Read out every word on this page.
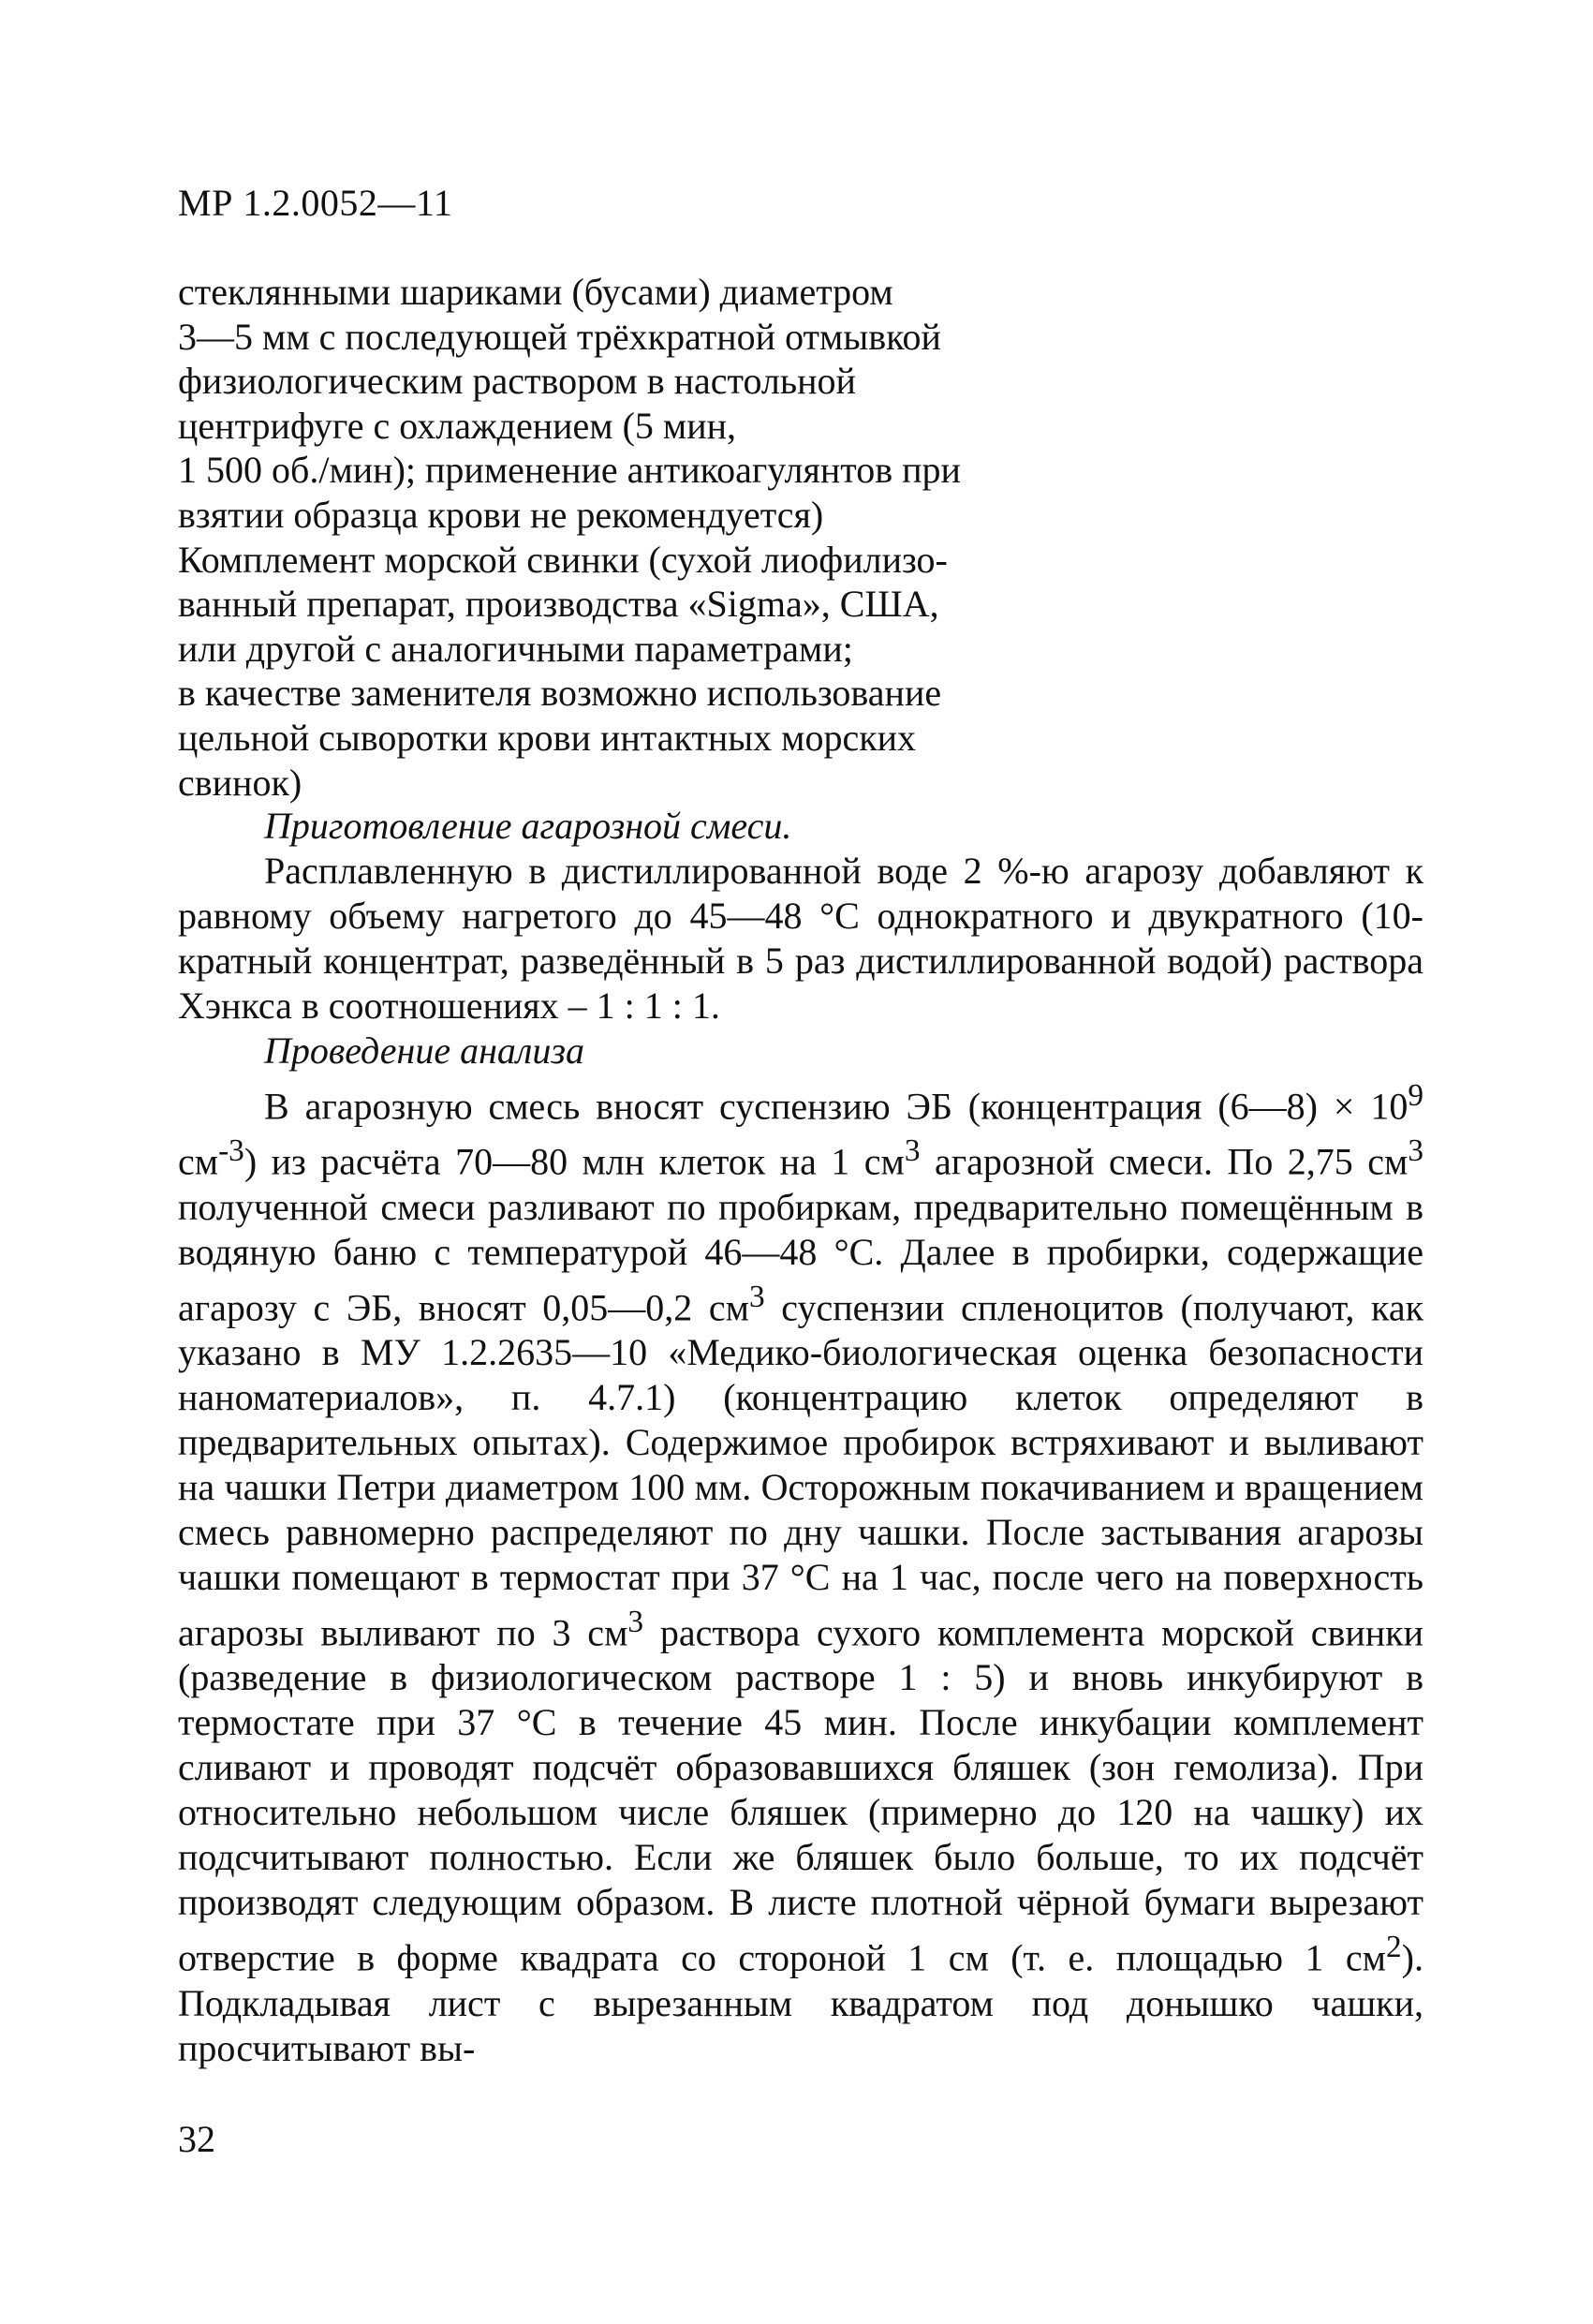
МР 1.2.0052—11
стеклянными шариками (бусами) диаметром
3—5 мм с последующей трёхкратной отмывкой
физиологическим раствором в настольной
центрифуге с охлаждением (5 мин,
1 500 об./мин); применение антикоагулянтов при
взятии образца крови не рекомендуется)
Комплемент морской свинки (сухой лиофилизо-
ванный препарат, производства «Sigma», США,
или другой с аналогичными параметрами;
в качестве заменителя возможно использование
цельной сыворотки крови интактных морских
свинок)
Приготовление агарозной смеси.

Расплавленную в дистиллированной воде 2 %-ю агарозу добавляют к равному объему нагретого до 45—48 °С однократного и двукратного (10-кратный концентрат, разведённый в 5 раз дистиллированной водой) раствора Хэнкса в соотношениях – 1 : 1 : 1.

Проведение анализа

В агарозную смесь вносят суспензию ЭБ (концентрация (6—8) × $10^9$ $см^{-3}$) из расчёта 70—80 млн клеток на 1 $см^3$ агарозной смеси. По 2,75 $см^3$ полученной смеси разливают по пробиркам, предварительно помещённым в водяную баню с температурой 46—48 °С. Далее в пробирки, содержащие агарозу с ЭБ, вносят 0,05—0,2 $см^3$ суспензии спленоцитов (получают, как указано в МУ 1.2.2635—10 «Медико-биологическая оценка безопасности наноматериалов», п. 4.7.1) (концентрацию клеток определяют в предварительных опытах). Содержимое пробирок встряхивают и выливают на чашки Петри диаметром 100 мм. Осторожным покачиванием и вращением смесь равномерно распределяют по дну чашки. После застывания агарозы чашки помещают в термостат при 37 °С на 1 час, после чего на поверхность агарозы выливают по 3 $см^3$ раствора сухого комплемента морской свинки (разведение в физиологическом растворе 1 : 5) и вновь инкубируют в термостате при 37 °С в течение 45 мин. После инкубации комплемент сливают и проводят подсчёт образовавшихся бляшек (зон гемолиза). При относительно небольшом числе бляшек (примерно до 120 на чашку) их подсчитывают полностью. Если же бляшек было больше, то их подсчёт производят следующим образом. В листе плотной чёрной бумаги вырезают отверстие в форме квадрата со стороной 1 см (т. е. площадью 1 $см^2$). Подкладывая лист с вырезанным квадратом под донышко чашки, просчитывают вы-

32
